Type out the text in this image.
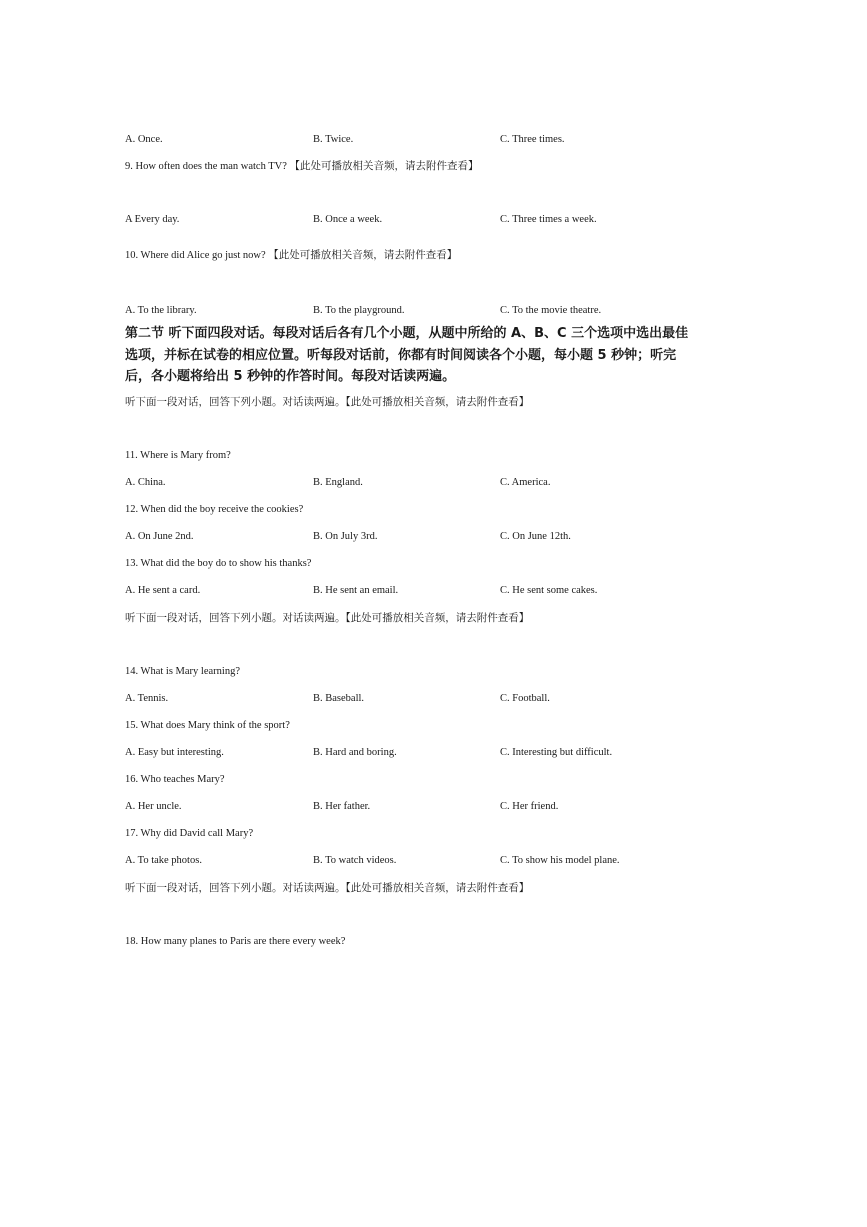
A. Once.	B. Twice.	C. Three times.
9. How often does the man watch TV? 【此处可播放相关音频，请去附件查看】
A Every day.	B. Once a week.	C. Three times a week.
10. Where did Alice go just now? 【此处可播放相关音频，请去附件查看】
A. To the library.	B. To the playground.	C. To the movie theatre.
第二节 听下面四段对话。每段对话后各有几个小题，从题中所给的 A、B、C 三个选项中选出最佳选项，并标在试卷的相应位置。听每段对话前，你都有时间阅读各个小题，每小题 5 秒钟；听完后，各小题将给出 5 秒钟的作答时间。每段对话读两遍。
听下面一段对话，回答下列小题。对话读两遍。【此处可播放相关音频，请去附件查看】
11. Where is Mary from?
A. China.	B. England.	C. America.
12. When did the boy receive the cookies?
A. On June 2nd.	B. On July 3rd.	C. On June 12th.
13. What did the boy do to show his thanks?
A. He sent a card.	B. He sent an email.	C. He sent some cakes.
听下面一段对话，回答下列小题。对话读两遍。【此处可播放相关音频，请去附件查看】
14. What is Mary learning?
A. Tennis.	B. Baseball.	C. Football.
15. What does Mary think of the sport?
A. Easy but interesting.	B. Hard and boring.	C. Interesting but difficult.
16. Who teaches Mary?
A. Her uncle.	B. Her father.	C. Her friend.
17. Why did David call Mary?
A. To take photos.	B. To watch videos.	C. To show his model plane.
听下面一段对话，回答下列小题。对话读两遍。【此处可播放相关音频，请去附件查看】
18. How many planes to Paris are there every week?
